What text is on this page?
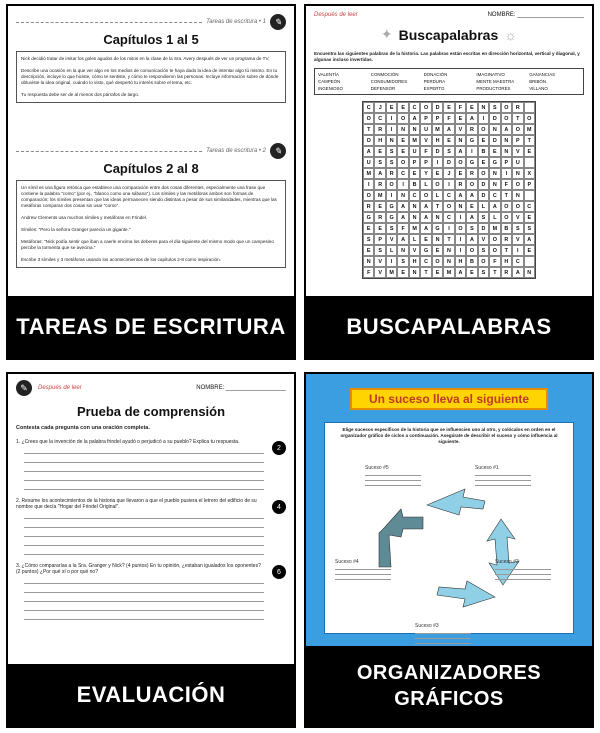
Tareas de escritura • 1 ✎
Capítulos 1 al 5

Nick decidió tratar de imitar los goles agudos de los mitos en la clase de la Sra. Avery después de ver un programa de TV.

Describe una ocasión en la que ver algo en los medios de comunicación te haya dado la idea de intentar algo tú mismo. En tu descripción, incluye lo que hiciste, cómo te sentiste, y cómo te respondieron las personas. Incluye información sobre de dónde obtuviste la idea original, cuándo lo visto, qué despertó tu interés sobre el tema, etc.

Tu respuesta debe ser de al menos dos párrafos de largo.

Tareas de escritura • 2 ✎
Capítulos 2 al 8

Un símil es una figura retórica que establece una comparación entre dos cosas diferentes, especialmente una frase que contiene la palabra "como" (por ej., "blanco como una sábana"). Los símiles y las metáforas ambos son formas de comparación; los símiles presentan que las ideas permanecen siendo distintas a pesar de sus similaridades, mientras que las metáforas comparan dos cosas sin usar "como".

Andrew Clements usa muchos símiles y metáforas en Frindel.

Símiles: "Pero la señora Granger parecía un gigante."

Metáforas: "Nick podía sentir que iban a caerle encima los deberes para el día siguiente del mismo modo que un campesino percibe la tormenta que se avecina."

Escribe 3 símiles y 3 metáforas usando los acontecimientos de los capítulos 2-8 como inspiración.

TAREAS DE ESCRITURA
Después de leer	NOMBRE: ____________________
✦ Buscapalabras ☼

Encuentra las siguientes palabras de la historia. Las palabras están escritas en dirección horizontal, vertical y diagonal, y algunas incluso invertidas.

VALENTÍA	CONMOCIÓN	DONACIÓN	IMAGINATIVO	GANANCIAS
CAMPEÓN	CONSUMIDORES	PERDURA	MENTE MAESTRA	BRIBÓN
INGENIOSO	DEFENSOR	EXPERTO	PRODUCTORES	VILLANO
C	J	E	E	C	O	D	E	F	E	N	S	O	R
O	C	I	O	A	P	P	F	E	A	I	D	O	T	O
T	R	I	N	N	U	M	A	V	R	O	N	A	O	M
O	H	N	E	M	V	H	E	N	G	E	D	N	P	T
A	E	S	E	U	F	D	S	A	I	B	E	N	V	E
U	S	S	O	P	P	I	D	O	G	E	G	P	U
M	A	R	C	E	Y	E	J	E	R	O	N	I	N	X
I	R	O	I	B	L	O	I	R	O	D	N	F	O	P
O	M	I	N	C	O	L	C	A	A	D	C	T	N
R	E	G	A	N	A	T	O	N	E	L	A	O	O	C
G	R	G	A	N	A	N	C	I	A	S	L	O	V	E
E	E	S	F	M	A	G	I	O	S	D	M	B	S	S
S	P	V	A	L	E	N	T	I	A	V	O	R	V	A
E	S	L	N	V	G	E	N	I	O	S	O	T	I	E
N	V	I	S	H	C	O	N	H	B	O	F	H	C
F	V	M	E	N	T	E	M	A	E	S	T	R	A	N
BUSCAPALABRAS
✎	Después de leer	NOMBRE: __________________
Prueba de comprensión

Contesta cada pregunta con una oración completa.

1. ¿Crees que la invención de la palabra frindel ayudó o perjudicó a su pueblo? Explica tu respuesta.

2

2. Resume los acontecimientos de la historia que llevaron a que el pueblo pusiera el letrero del edificio de su nombre que decía "Hogar del Frindel Original".	4

3. ¿Cómo compararías a la Sra. Granger y Nick? (4 puntos) En tu opinión, ¿estaban igualados los oponentes? (2 puntos) ¿Por qué sí o por qué no?	6
EVALUACIÓN
Un suceso lleva al siguiente

Elige sucesos específicos de la historia que se influencien uno al otro, y colócalos en orden en el organizador gráfico de ciclos a continuación. Asegúrate de describir el suceso y cómo influencia al siguiente.

Suceso #5	Suceso #1
Suceso #4	Suceso #2
Suceso #3
ORGANIZADORES
GRÁFICOS
